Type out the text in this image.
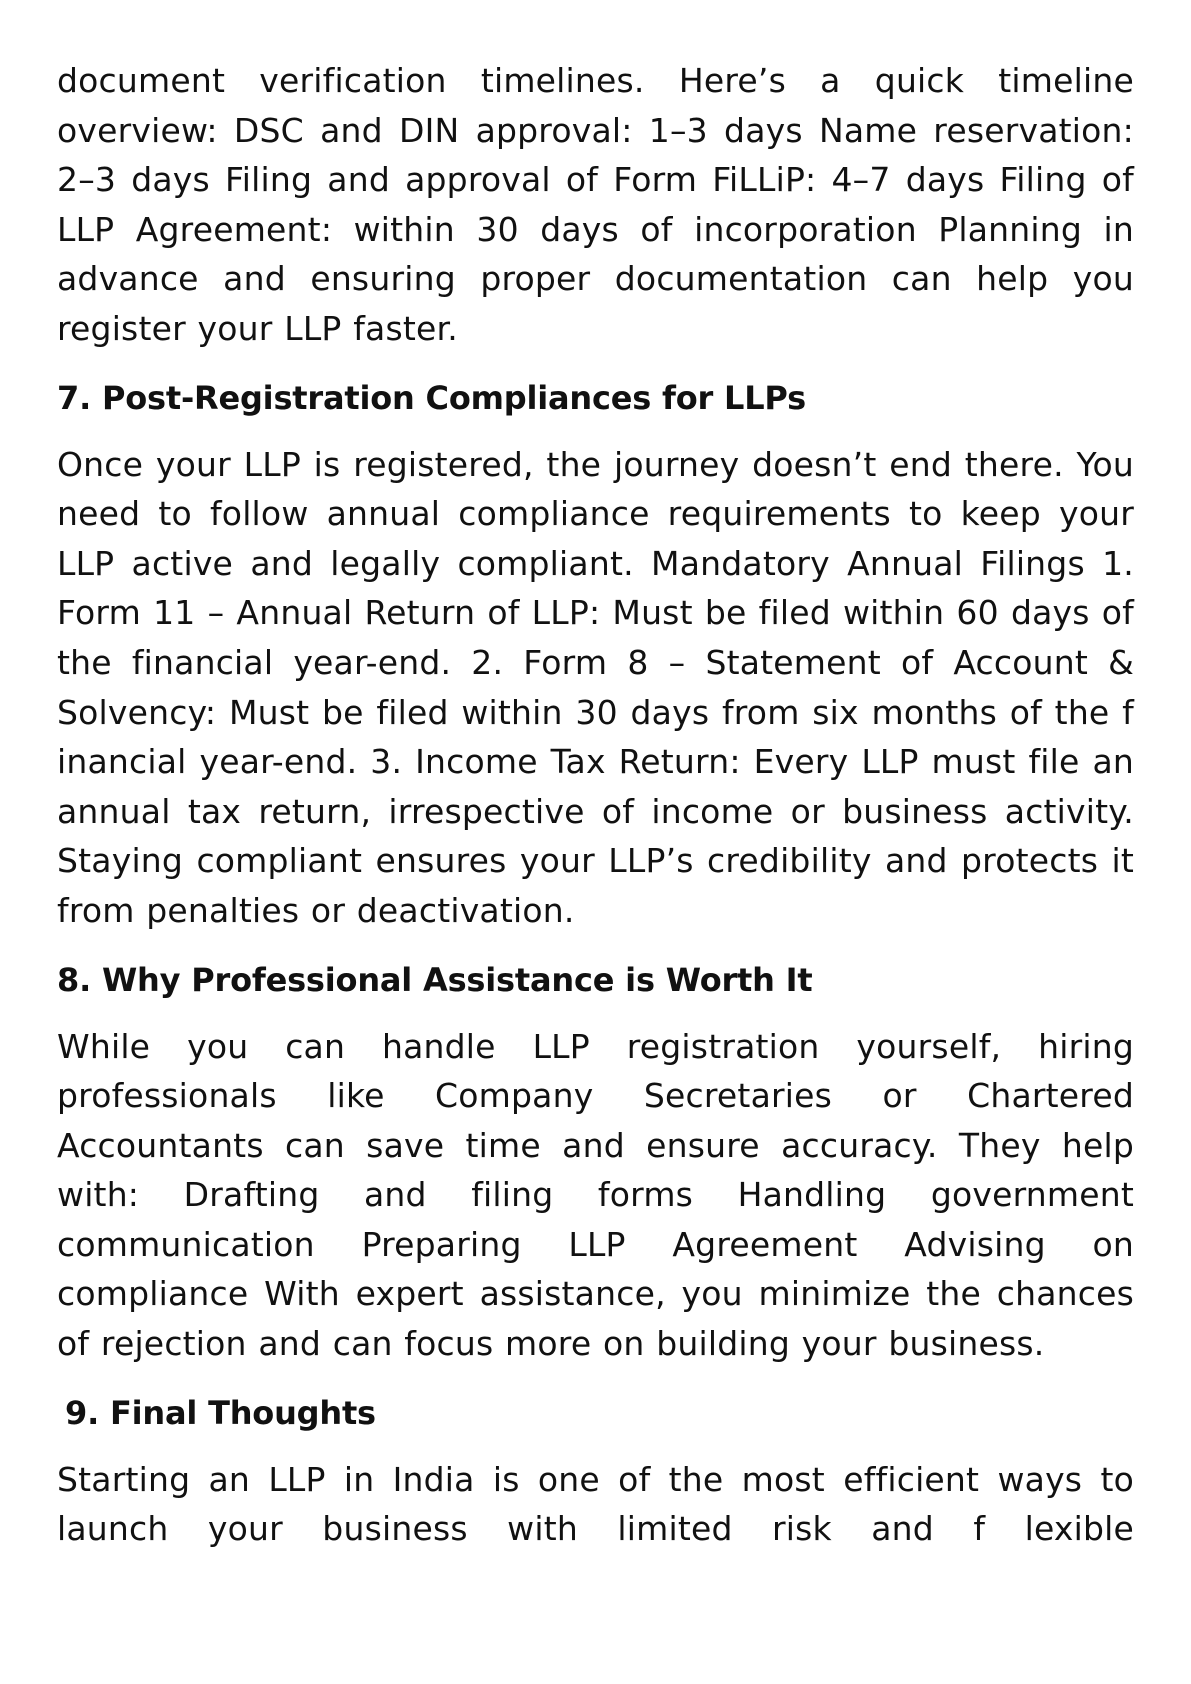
document verification timelines. Here’s a quick timeline overview: DSC and DIN approval: 1–3 days Name reservation: 2–3 days Filing and approval of Form FiLLiP: 4–7 days Filing of LLP Agreement: within 30 days of incorporation Planning in advance and ensuring proper documentation can help you register your LLP faster.

7. Post-Registration Compliances for LLPs

Once your LLP is registered, the journey doesn’t end there. You need to follow annual compliance requirements to keep your LLP active and legally compliant. Mandatory Annual Filings 1. Form 11 – Annual Return of LLP: Must be filed within 60 days of the financial year-end. 2. Form 8 – Statement of Account & Solvency: Must be filed within 30 days from six months of the f inancial year-end. 3. Income Tax Return: Every LLP must file an annual tax return, irrespective of income or business activity. Staying compliant ensures your LLP’s credibility and protects it from penalties or deactivation.

8. Why Professional Assistance is Worth It

While you can handle LLP registration yourself, hiring professionals like Company Secretaries or Chartered Accountants can save time and ensure accuracy. They help with: Drafting and filing forms Handling government communication Preparing LLP Agreement Advising on compliance With expert assistance, you minimize the chances of rejection and can focus more on building your business.

9. Final Thoughts

Starting an LLP in India is one of the most efficient ways to launch your business with limited risk and f lexible
